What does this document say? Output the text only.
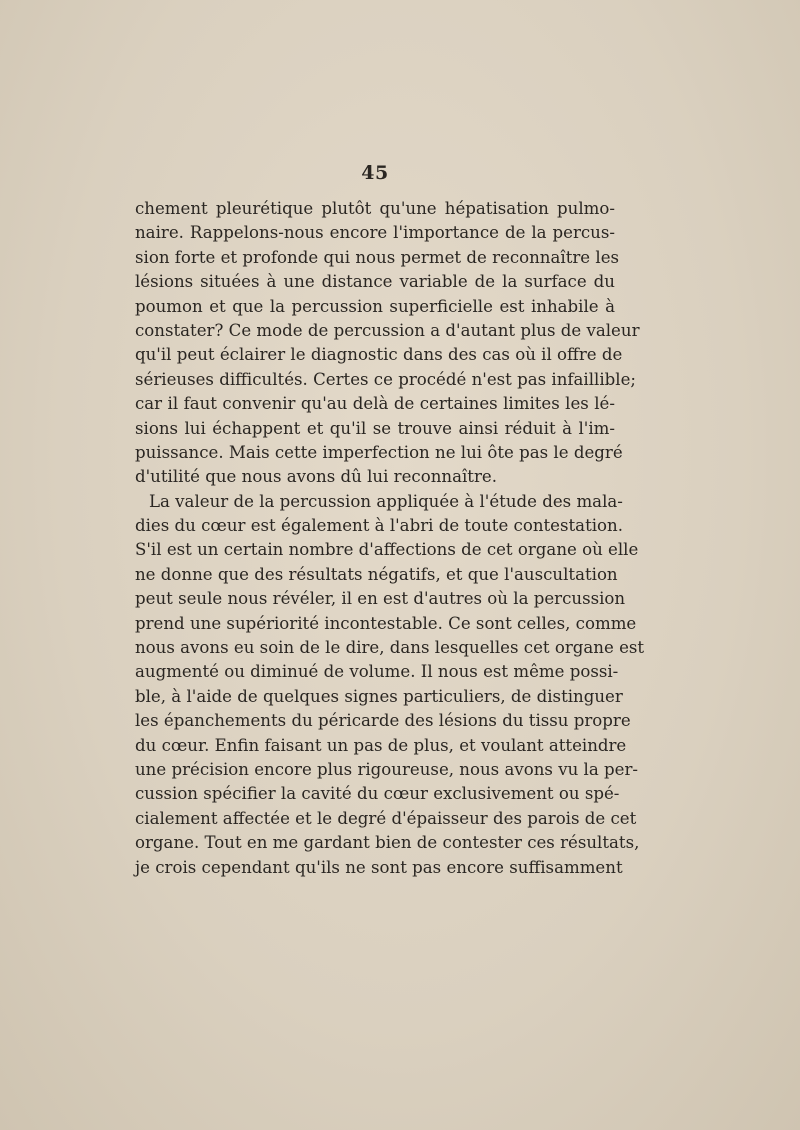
45
chement pleurétique plutôt qu'une hépatisation pulmo-
naire. Rappelons-nous encore l'importance de la percus-
sion forte et profonde qui nous permet de reconnaître les
lésions situées à une distance variable de la surface du
poumon et que la percussion superficielle est inhabile à
constater? Ce mode de percussion a d'autant plus de valeur
qu'il peut éclairer le diagnostic dans des cas où il offre de
sérieuses difficultés. Certes ce procédé n'est pas infaillible;
car il faut convenir qu'au delà de certaines limites les lé-
sions lui échappent et qu'il se trouve ainsi réduit à l'im-
puissance. Mais cette imperfection ne lui ôte pas le degré
d'utilité que nous avons dû lui reconnaître.
La valeur de la percussion appliquée à l'étude des mala-
dies du cœur est également à l'abri de toute contestation.
S'il est un certain nombre d'affections de cet organe où elle
ne donne que des résultats négatifs, et que l'auscultation
peut seule nous révéler, il en est d'autres où la percussion
prend une supériorité incontestable. Ce sont celles, comme
nous avons eu soin de le dire, dans lesquelles cet organe est
augmenté ou diminué de volume. Il nous est même possi-
ble, à l'aide de quelques signes particuliers, de distinguer
les épanchements du péricarde des lésions du tissu propre
du cœur. Enfin faisant un pas de plus, et voulant atteindre
une précision encore plus rigoureuse, nous avons vu la per-
cussion spécifier la cavité du cœur exclusivement ou spé-
cialement affectée et le degré d'épaisseur des parois de cet
organe. Tout en me gardant bien de contester ces résultats,
je crois cependant qu'ils ne sont pas encore suffisamment
